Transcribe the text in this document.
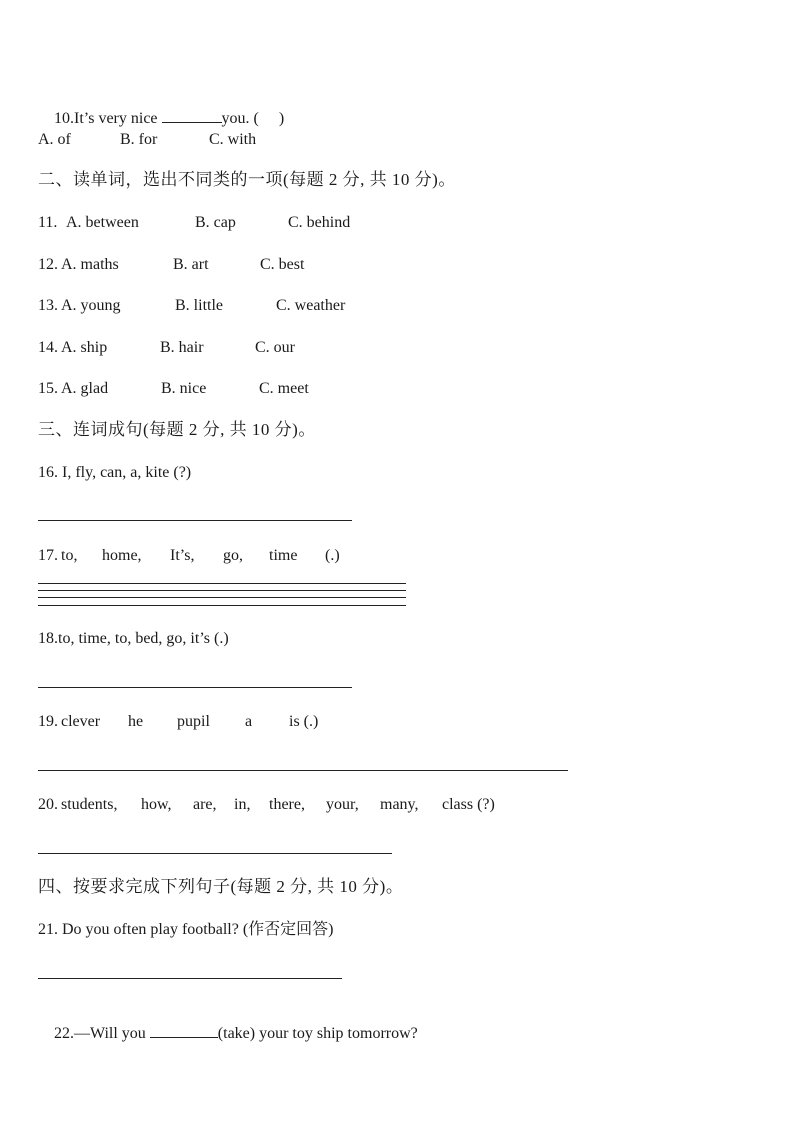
10.It’s very nice	you. (     )

A. of

	B. for

	C. with

二、读单词，选出不同类的一项(每题 2 分, 共 10 分)。

11.

A. between

	B. cap

	C. behind

12.

A. maths

	B. art

	C. best

13.

A. young

	B. little

	C. weather

14.

A. ship

	B. hair

	C. our

15.

A. glad

	B. nice

	C. meet

三、连词成句(每题 2 分, 共 10 分)。
16. I, fly, can, a, kite (?)

17.

to,

home,

It’s,

go,

time

(.)

18.to, time, to, bed, go, it’s (.)

19.

clever

he

pupil

a

is (.)

20.

students,

how,

are,

in,

there,

your,

many,

class (?)

四、按要求完成下列句子(每题 2 分, 共 10 分)。
21. Do you often play football? (作否定回答)

22.—Will you	(take) your toy ship tomorrow?
